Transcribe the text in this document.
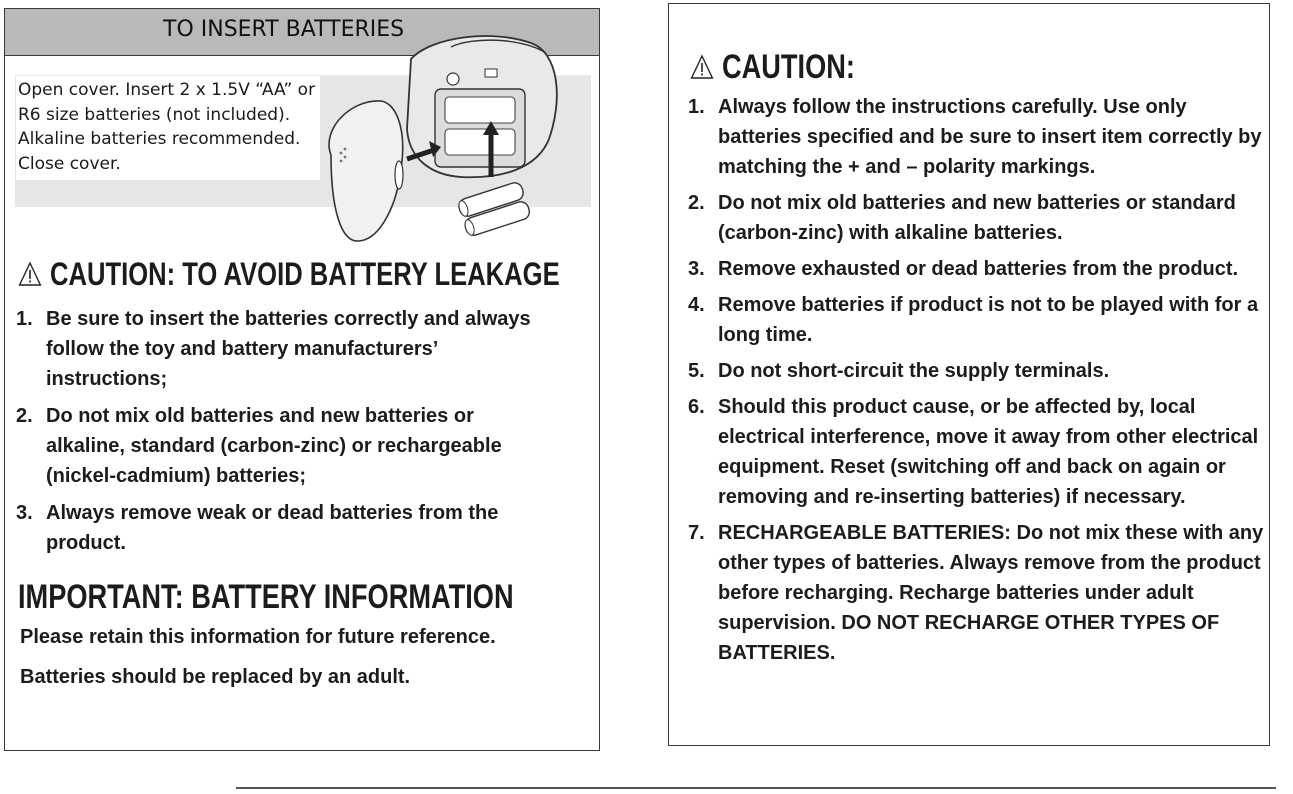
TO INSERT BATTERIES

Open cover. Insert 2 x 1.5V “AA” or R6 size batteries (not included). Alkaline batteries recommended. Close cover.

CAUTION: TO AVOID BATTERY LEAKAGE
1. Be sure to insert the batteries correctly and always follow the toy and battery manufacturers’ instructions;
2. Do not mix old batteries and new batteries or alkaline, standard (carbon-zinc) or rechargeable (nickel-cadmium) batteries;
3. Always remove weak or dead batteries from the product.
IMPORTANT: BATTERY INFORMATION
Please retain this information for future reference.
Batteries should be replaced by an adult.
CAUTION:
1. Always follow the instructions carefully. Use only batteries specified and be sure to insert item correctly by matching the + and – polarity markings.
2. Do not mix old batteries and new batteries or standard (carbon-zinc) with alkaline batteries.
3. Remove exhausted or dead batteries from the product.
4. Remove batteries if product is not to be played with for a long time.
5. Do not short-circuit the supply terminals.
6. Should this product cause, or be affected by, local electrical interference, move it away from other electrical equipment. Reset (switching off and back on again or removing and re-inserting batteries) if necessary.
7. RECHARGEABLE BATTERIES: Do not mix these with any other types of batteries. Always remove from the product before recharging. Recharge batteries under adult supervision. DO NOT RECHARGE OTHER TYPES OF BATTERIES.
